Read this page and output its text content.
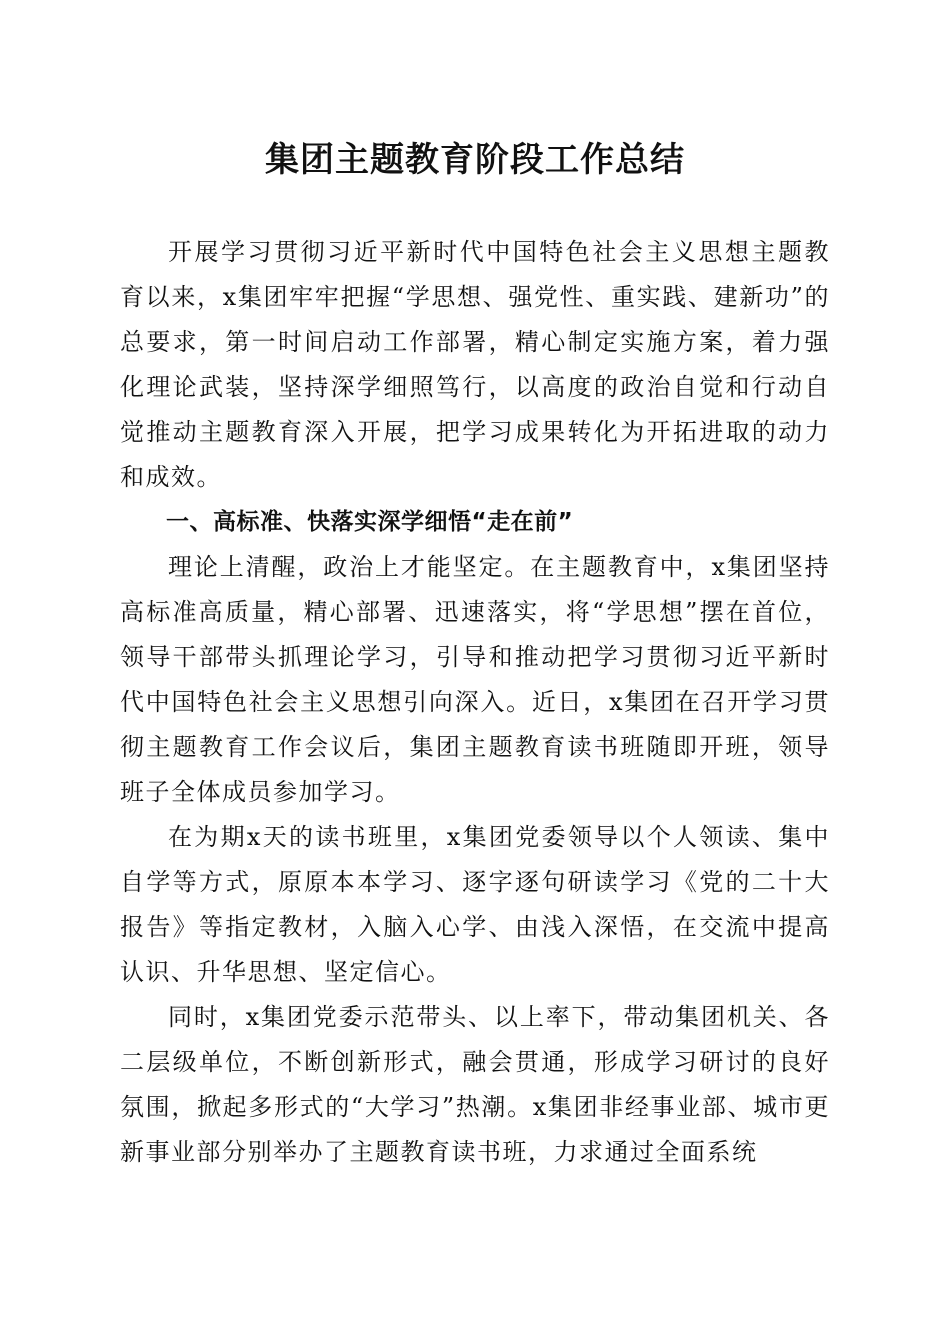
集团主题教育阶段工作总结

开展学习贯彻习近平新时代中国特色社会主义思想主题教育以来，x集团牢牢把握“学思想、强党性、重实践、建新功”的总要求，第一时间启动工作部署，精心制定实施方案，着力强化理论武装，坚持深学细照笃行，以高度的政治自觉和行动自觉推动主题教育深入开展，把学习成果转化为开拓进取的动力和成效。

一、高标准、快落实深学细悟“走在前”

理论上清醒，政治上才能坚定。在主题教育中，x集团坚持高标准高质量，精心部署、迅速落实，将“学思想”摆在首位，领导干部带头抓理论学习，引导和推动把学习贯彻习近平新时代中国特色社会主义思想引向深入。近日，x集团在召开学习贯彻主题教育工作会议后，集团主题教育读书班随即开班，领导班子全体成员参加学习。

在为期x天的读书班里，x集团党委领导以个人领读、集中自学等方式，原原本本学习、逐字逐句研读学习《党的二十大报告》等指定教材，入脑入心学、由浅入深悟，在交流中提高认识、升华思想、坚定信心。

同时，x集团党委示范带头、以上率下，带动集团机关、各二层级单位，不断创新形式，融会贯通，形成学习研讨的良好氛围，掀起多形式的“大学习”热潮。x集团非经事业部、城市更新事业部分别举办了主题教育读书班，力求通过全面系统
